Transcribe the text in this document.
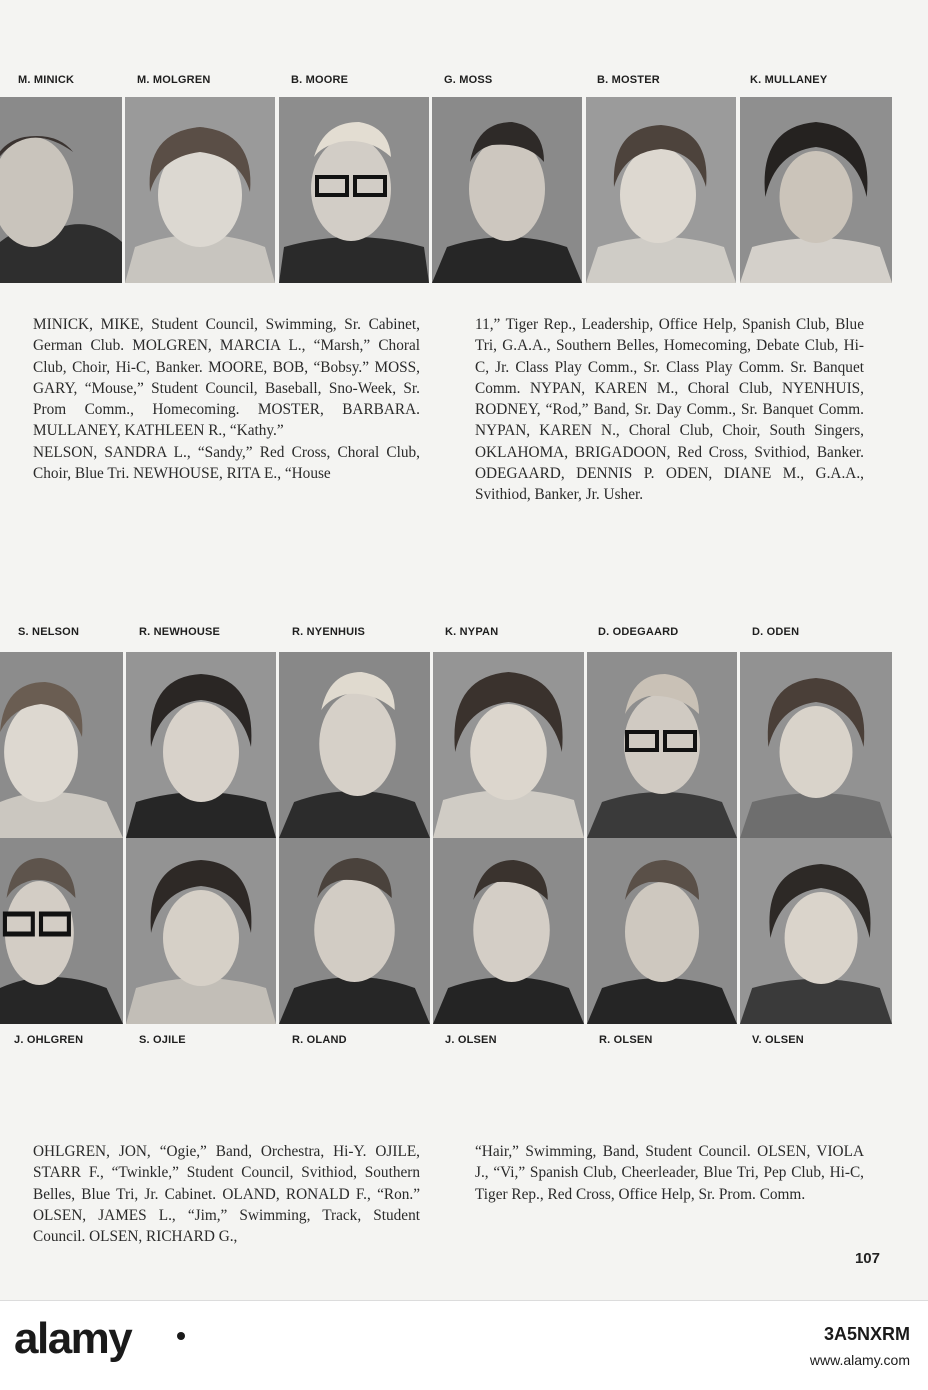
M. MINICK	M. MOLGREN	B. MOORE	G. MOSS	B. MOSTER	K. MULLANEY

MINICK, MIKE, Student Council, Swimming, Sr. Cabinet, German Club. MOLGREN, MARCIA L., “Marsh,” Choral Club, Choir, Hi-C, Banker. MOORE, BOB, “Bobsy.” MOSS, GARY, “Mouse,” Student Council, Baseball, Sno-Week, Sr. Prom Comm., Homecoming. MOSTER, BARBARA. MULLANEY, KATHLEEN R., “Kathy.”

NELSON, SANDRA L., “Sandy,” Red Cross, Choral Club, Choir, Blue Tri. NEWHOUSE, RITA E., “House

11,” Tiger Rep., Leadership, Office Help, Spanish Club, Blue Tri, G.A.A., Southern Belles, Homecoming, Debate Club, Hi-C, Jr. Class Play Comm., Sr. Class Play Comm. Sr. Banquet Comm. NYPAN, KAREN M., Choral Club, NYENHUIS, RODNEY, “Rod,” Band, Sr. Day Comm., Sr. Banquet Comm. NYPAN, KAREN N., Choral Club, Choir, South Singers, OKLAHOMA, BRIGADOON, Red Cross, Svithiod, Banker. ODEGAARD, DENNIS P. ODEN, DIANE M., G.A.A., Svithiod, Banker, Jr. Usher.

S. NELSON	R. NEWHOUSE	R. NYENHUIS	K. NYPAN	D. ODEGAARD	D. ODEN
J. OHLGREN	S. OJILE	R. OLAND	J. OLSEN	R. OLSEN	V. OLSEN

OHLGREN, JON, “Ogie,” Band, Orchestra, Hi-Y. OJILE, STARR F., “Twinkle,” Student Council, Svithiod, Southern Belles, Blue Tri, Jr. Cabinet. OLAND, RONALD F., “Ron.” OLSEN, JAMES L., “Jim,” Swimming, Track, Student Council. OLSEN, RICHARD G.,

“Hair,” Swimming, Band, Student Council. OLSEN, VIOLA J., “Vi,” Spanish Club, Cheerleader, Blue Tri, Pep Club, Hi-C, Tiger Rep., Red Cross, Office Help, Sr. Prom. Comm.

107
alamy	3A5NXRM
www.alamy.com
